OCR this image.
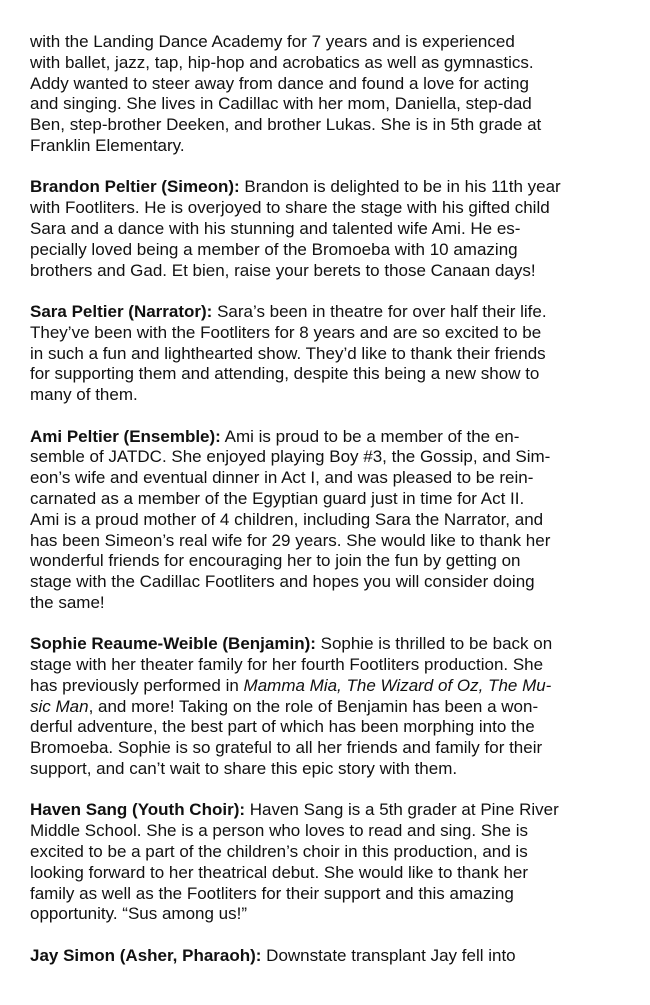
with the Landing Dance Academy for 7 years and is experienced
with ballet, jazz, tap, hip-hop and acrobatics as well as gymnastics.
Addy wanted to steer away from dance and found a love for acting
and singing. She lives in Cadillac with her mom, Daniella, step-dad
Ben, step-brother Deeken, and brother Lukas. She is in 5th grade at
Franklin Elementary.
Brandon Peltier (Simeon): Brandon is delighted to be in his 11th year
with Footliters. He is overjoyed to share the stage with his gifted child
Sara and a dance with his stunning and talented wife Ami. He es-
pecially loved being a member of the Bromoeba with 10 amazing
brothers and Gad. Et bien, raise your berets to those Canaan days!
Sara Peltier (Narrator): Sara’s been in theatre for over half their life.
They’ve been with the Footliters for 8 years and are so excited to be
in such a fun and lighthearted show. They’d like to thank their friends
for supporting them and attending, despite this being a new show to
many of them.
Ami Peltier (Ensemble): Ami is proud to be a member of the en-
semble of JATDC. She enjoyed playing Boy #3, the Gossip, and Sim-
eon’s wife and eventual dinner in Act I, and was pleased to be rein-
carnated as a member of the Egyptian guard just in time for Act II.
Ami is a proud mother of 4 children, including Sara the Narrator, and
has been Simeon’s real wife for 29 years. She would like to thank her
wonderful friends for encouraging her to join the fun by getting on
stage with the Cadillac Footliters and hopes you will consider doing
the same!
Sophie Reaume-Weible (Benjamin): Sophie is thrilled to be back on
stage with her theater family for her fourth Footliters production. She
has previously performed in Mamma Mia, The Wizard of Oz, The Mu-
sic Man, and more! Taking on the role of Benjamin has been a won-
derful adventure, the best part of which has been morphing into the
Bromoeba. Sophie is so grateful to all her friends and family for their
support, and can’t wait to share this epic story with them.
Haven Sang (Youth Choir): Haven Sang is a 5th grader at Pine River
Middle School. She is a person who loves to read and sing. She is
excited to be a part of the children’s choir in this production, and is
looking forward to her theatrical debut. She would like to thank her
family as well as the Footliters for their support and this amazing
opportunity. “Sus among us!”
Jay Simon (Asher, Pharaoh): Downstate transplant Jay fell into
